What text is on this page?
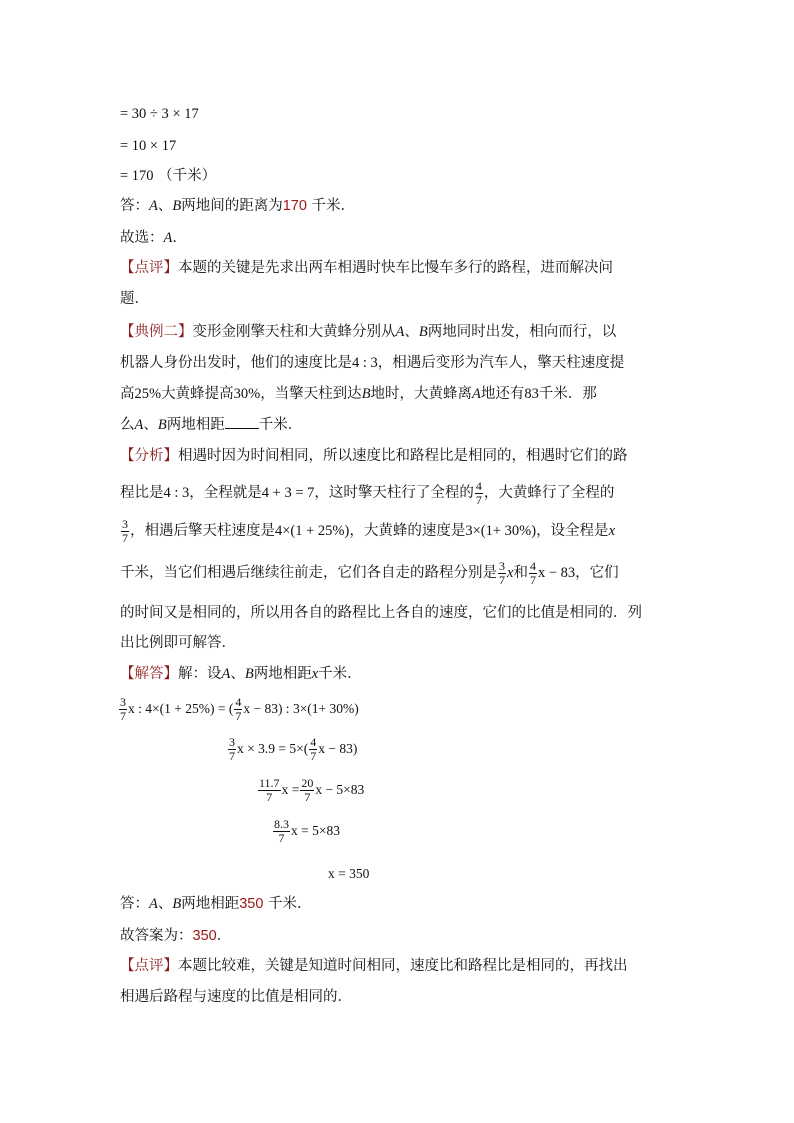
= 30 ÷ 3 × 17
= 10 × 17
= 170 （千米）
答：A、B两地间的距离为170 千米．
故选：A．
【点评】本题的关键是先求出两车相遇时快车比慢车多行的路程，进而解决问
题．
【典例二】变形金刚擎天柱和大黄蜂分别从A、B两地同时出发，相向而行，以
机器人身份出发时，他们的速度比是4 : 3，相遇后变形为汽车人，擎天柱速度提
高25%大黄蜂提高30%，当擎天柱到达B地时，大黄蜂离A地还有83千米．那
么A、B两地相距 千米．
【分析】相遇时因为时间相同，所以速度比和路程比是相同的，相遇时它们的路
程比是4 : 3，全程就是4 + 3 = 7，这时擎天柱行了全程的 $\frac{4}{7}$ ，大黄蜂行了全程的
$\frac{3}{7}$ ，相遇后擎天柱速度是4×(1 + 25%)，大黄蜂的速度是3×(1+ 30%)，设全程是x
千米，当它们相遇后继续往前走，它们各自走的路程分别是 $\frac{3}{7}$ x和 $\frac{4}{7}$ x − 83，它们
的时间又是相同的，所以用各自的路程比上各自的速度，它们的比值是相同的．列
出比例即可解答．
【解答】解：设A、B两地相距x千米．
$\frac{3}{7}$ x : 4×(1 + 25%) = ( $\frac{4}{7}$ x − 83) : 3×(1+ 30%)
$\frac{3}{7}$ $x \times 3.9 = 5\times( \frac{4}{7}$ x − 83)
$\frac{11.7}{7}$ $x = \frac{20}{7}$ x − 5×83
$\frac{8.3}{7}$ x = 5×83
x = 350
答：A、B两地相距350 千米．
故答案为：350．
【点评】本题比较难，关键是知道时间相同，速度比和路程比是相同的，再找出
相遇后路程与速度的比值是相同的．
